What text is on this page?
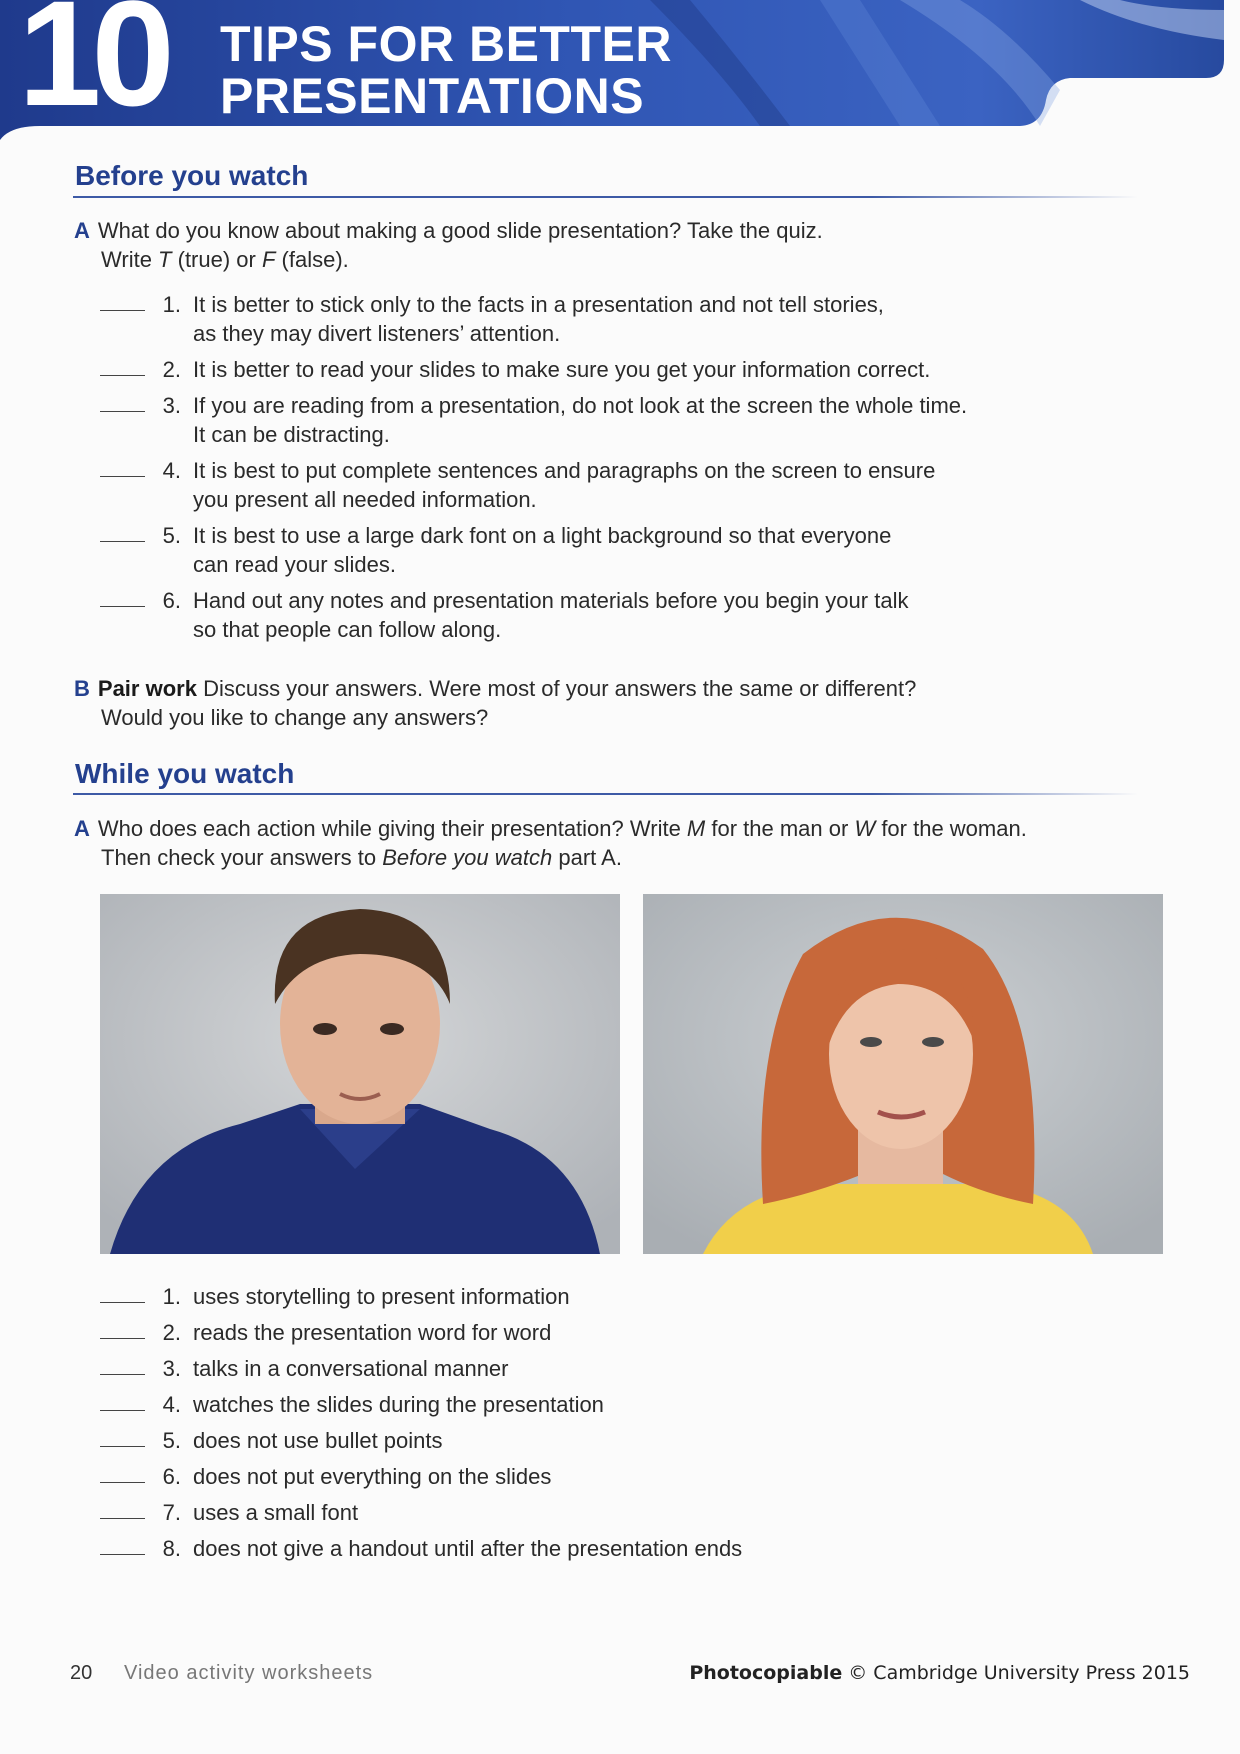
10 TIPS FOR BETTER
PRESENTATIONS
Before you watch
A What do you know about making a good slide presentation? Take the quiz.
Write T (true) or F (false).
1. It is better to stick only to the facts in a presentation and not tell stories,
as they may divert listeners’ attention.
2. It is better to read your slides to make sure you get your information correct.
3. If you are reading from a presentation, do not look at the screen the whole time.
It can be distracting.
4. It is best to put complete sentences and paragraphs on the screen to ensure
you present all needed information.
5. It is best to use a large dark font on a light background so that everyone
can read your slides.
6. Hand out any notes and presentation materials before you begin your talk
so that people can follow along.
B Pair work Discuss your answers. Were most of your answers the same or different?
Would you like to change any answers?
While you watch
A Who does each action while giving their presentation? Write M for the man or W for the woman.
Then check your answers to Before you watch part A.
1. uses storytelling to present information
2. reads the presentation word for word
3. talks in a conversational manner
4. watches the slides during the presentation
5. does not use bullet points
6. does not put everything on the slides
7. uses a small font
8. does not give a handout until after the presentation ends
20 Video activity worksheets	Photocopiable © Cambridge University Press 2015
